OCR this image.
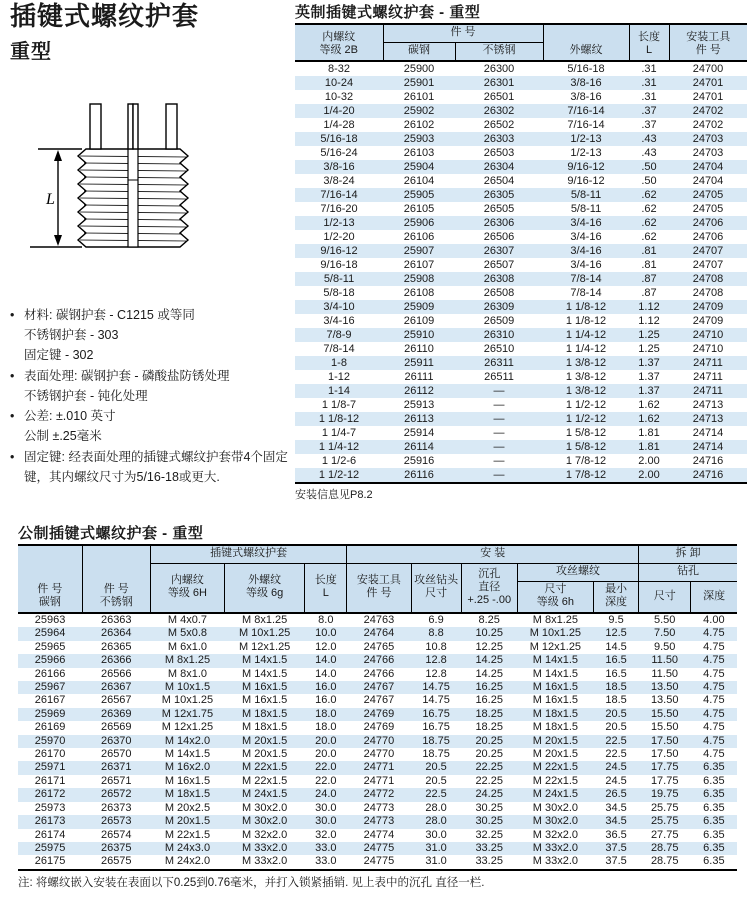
插键式螺纹护套
重型
L
• 材料: 碳钢护套 - C1215 或等同
不锈钢护套 - 303
固定键 - 302
• 表面处理: 碳钢护套 - 磷酸盐防锈处理
不锈钢护套 - 钝化处理
• 公差: ±.010 英寸
公制 ±.25毫米
• 固定键: 经表面处理的插键式螺纹护套带4个固定
键，其内螺纹尺寸为5/16-18或更大.
英制插键式螺纹护套 - 重型
内螺纹
等级 2B
	件 号	外螺纹	
长度
L

安装工具
件 号

	碳钢	不锈钢			
8-32	25900	26300	5/16-18	.31	24700
10-24	25901	26301	3/8-16	.31	24701
10-32	26101	26501	3/8-16	.31	24701
1/4-20	25902	26302	7/16-14	.37	24702
1/4-28	26102	26502	7/16-14	.37	24702
5/16-18	25903	26303	1/2-13	.43	24703
5/16-24	26103	26503	1/2-13	.43	24703
3/8-16	25904	26304	9/16-12	.50	24704
3/8-24	26104	26504	9/16-12	.50	24704
7/16-14	25905	26305	5/8-11	.62	24705
7/16-20	26105	26505	5/8-11	.62	24705
1/2-13	25906	26306	3/4-16	.62	24706
1/2-20	26106	26506	3/4-16	.62	24706
9/16-12	25907	26307	3/4-16	.81	24707
9/16-18	26107	26507	3/4-16	.81	24707
5/8-11	25908	26308	7/8-14	.87	24708
5/8-18	26108	26508	7/8-14	.87	24708
3/4-10	25909	26309	1 1/8-12	1.12	24709
3/4-16	26109	26509	1 1/8-12	1.12	24709
7/8-9	25910	26310	1 1/4-12	1.25	24710
7/8-14	26110	26510	1 1/4-12	1.25	24710
1-8	25911	26311	1 3/8-12	1.37	24711
1-12	26111	26511	1 3/8-12	1.37	24711
1-14	26112	—	1 3/8-12	1.37	24711
1 1/8-7	25913	—	1 1/2-12	1.62	24713
1 1/8-12	26113	—	1 1/2-12	1.62	24713
1 1/4-7	25914	—	1 5/8-12	1.81	24714
1 1/4-12	26114	—	1 5/8-12	1.81	24714
1 1/2-6	25916	—	1 7/8-12	2.00	24716
1 1/2-12	26116	—	1 7/8-12	2.00	24716
安装信息见P8.2
公制插键式螺纹护套 - 重型
件 号
碳钢

件 号
不锈钢
	插键式螺纹护套	安 装	拆 卸

内螺纹
等级 6H

外螺纹
等级 6g

长度
L

安装工具
件 号

攻丝钻头
尺寸

沉孔
直径
+.25 -.00
	攻丝螺纹	钻孔

尺寸
等级 6h

最小
深度
	尺寸	深度
25963	26363	M 4x0.7	M 8x1.25	8.0	24763	6.9	8.25	M 8x1.25	9.5	5.50	4.00
25964	26364	M 5x0.8	M 10x1.25	10.0	24764	8.8	10.25	M 10x1.25	12.5	7.50	4.75
25965	26365	M 6x1.0	M 12x1.25	12.0	24765	10.8	12.25	M 12x1.25	14.5	9.50	4.75
25966	26366	M 8x1.25	M 14x1.5	14.0	24766	12.8	14.25	M 14x1.5	16.5	11.50	4.75
26166	26566	M 8x1.0	M 14x1.5	14.0	24766	12.8	14.25	M 14x1.5	16.5	11.50	4.75
25967	26367	M 10x1.5	M 16x1.5	16.0	24767	14.75	16.25	M 16x1.5	18.5	13.50	4.75
26167	26567	M 10x1.25	M 16x1.5	16.0	24767	14.75	16.25	M 16x1.5	18.5	13.50	4.75
25969	26369	M 12x1.75	M 18x1.5	18.0	24769	16.75	18.25	M 18x1.5	20.5	15.50	4.75
26169	26569	M 12x1.25	M 18x1.5	18.0	24769	16.75	18.25	M 18x1.5	20.5	15.50	4.75
25970	26370	M 14x2.0	M 20x1.5	20.0	24770	18.75	20.25	M 20x1.5	22.5	17.50	4.75
26170	26570	M 14x1.5	M 20x1.5	20.0	24770	18.75	20.25	M 20x1.5	22.5	17.50	4.75
25971	26371	M 16x2.0	M 22x1.5	22.0	24771	20.5	22.25	M 22x1.5	24.5	17.75	6.35
26171	26571	M 16x1.5	M 22x1.5	22.0	24771	20.5	22.25	M 22x1.5	24.5	17.75	6.35
26172	26572	M 18x1.5	M 24x1.5	24.0	24772	22.5	24.25	M 24x1.5	26.5	19.75	6.35
25973	26373	M 20x2.5	M 30x2.0	30.0	24773	28.0	30.25	M 30x2.0	34.5	25.75	6.35
26173	26573	M 20x1.5	M 30x2.0	30.0	24773	28.0	30.25	M 30x2.0	34.5	25.75	6.35
26174	26574	M 22x1.5	M 32x2.0	32.0	24774	30.0	32.25	M 32x2.0	36.5	27.75	6.35
25975	26375	M 24x3.0	M 33x2.0	33.0	24775	31.0	33.25	M 33x2.0	37.5	28.75	6.35
26175	26575	M 24x2.0	M 33x2.0	33.0	24775	31.0	33.25	M 33x2.0	37.5	28.75	6.35
注: 将螺纹嵌入安装在表面以下0.25到0.76毫米，并打入锁紧插销. 见上表中的沉孔 直径一栏.
